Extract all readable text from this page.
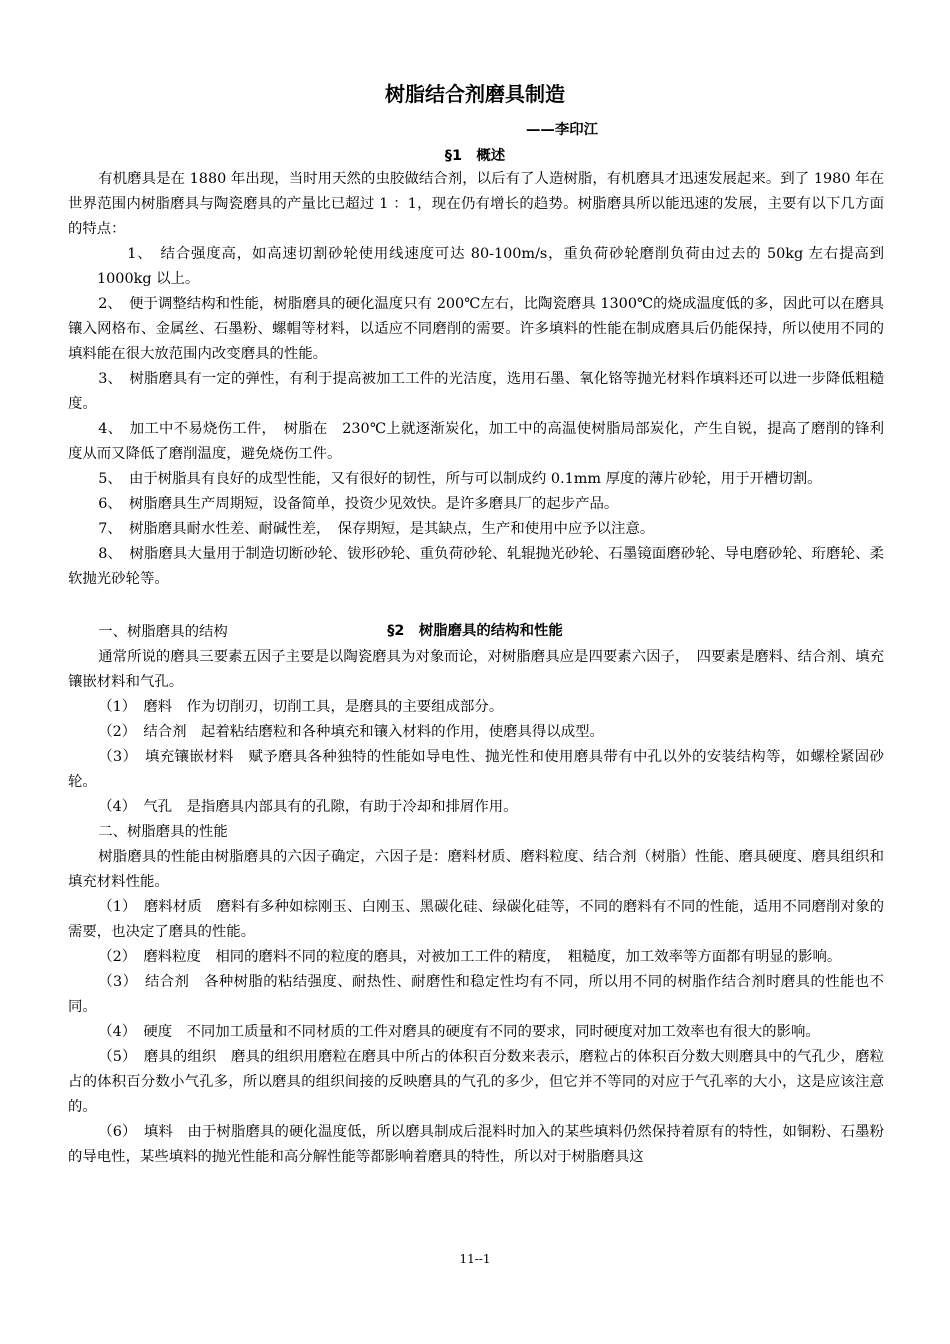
树脂结合剂磨具制造
——李印江
§1　概述

有机磨具是在 1880 年出现，当时用天然的虫胶做结合剂，以后有了人造树脂，有机磨具才迅速发展起来。到了 1980 年在世界范围内树脂磨具与陶瓷磨具的产量比已超过 1 ：1，现在仍有增长的趋势。树脂磨具所以能迅速的发展，主要有以下几方面的特点：

1、　结合强度高，如高速切割砂轮使用线速度可达 80-100m/s，重负荷砂轮磨削负荷由过去的 50kg 左右提高到 1000kg 以上。

2、　便于调整结构和性能，树脂磨具的硬化温度只有 200℃左右，比陶瓷磨具 1300℃的烧成温度低的多，因此可以在磨具镶入网格布、金属丝、石墨粉、螺帽等材料，以适应不同磨削的需要。许多填料的性能在制成磨具后仍能保持，所以使用不同的填料能在很大放范围内改变磨具的性能。

3、　树脂磨具有一定的弹性，有利于提高被加工工件的光洁度，选用石墨、氧化铬等抛光材料作填料还可以进一步降低粗糙度。

4、　加工中不易烧伤工件，　树脂在　230℃上就逐渐炭化，加工中的高温使树脂局部炭化，产生自锐，提高了磨削的锋利度从而又降低了磨削温度，避免烧伤工件。

5、　由于树脂具有良好的成型性能，又有很好的韧性，所与可以制成约 0.1mm 厚度的薄片砂轮，用于开槽切割。

6、　树脂磨具生产周期短，设备简单，投资少见效快。是许多磨具厂的起步产品。

7、　树脂磨具耐水性差、耐碱性差，　保存期短，是其缺点，生产和使用中应予以注意。

8、　树脂磨具大量用于制造切断砂轮、钹形砂轮、重负荷砂轮、轧辊抛光砂轮、石墨镜面磨砂轮、导电磨砂轮、珩磨轮、柔软抛光砂轮等。

一、树脂磨具的结构

通常所说的磨具三要素五因子主要是以陶瓷磨具为对象而论，对树脂磨具应是四要素六因子，　四要素是磨料、结合剂、填充镶嵌材料和气孔。

（1）　磨料　作为切削刃，切削工具，是磨具的主要组成部分。

（2）　结合剂　起着粘结磨粒和各种填充和镶入材料的作用，使磨具得以成型。

（3）　填充镶嵌材料　赋予磨具各种独特的性能如导电性、抛光性和使用磨具带有中孔以外的安装结构等，如螺栓紧固砂轮。

（4）　气孔　是指磨具内部具有的孔隙，有助于冷却和排屑作用。

二、树脂磨具的性能

树脂磨具的性能由树脂磨具的六因子确定，六因子是：磨料材质、磨料粒度、结合剂（树脂）性能、磨具硬度、磨具组织和填充材料性能。

（1）　磨料材质　磨料有多种如棕刚玉、白刚玉、黑碳化硅、绿碳化硅等，不同的磨料有不同的性能，适用不同磨削对象的需要，也决定了磨具的性能。

（2）　磨料粒度　相同的磨料不同的粒度的磨具，对被加工工件的精度，　粗糙度，加工效率等方面都有明显的影响。

（3）　结合剂　各种树脂的粘结强度、耐热性、耐磨性和稳定性均有不同，所以用不同的树脂作结合剂时磨具的性能也不同。

（4）　硬度　不同加工质量和不同材质的工件对磨具的硬度有不同的要求，同时硬度对加工效率也有很大的影响。

（5）　磨具的组织　磨具的组织用磨粒在磨具中所占的体积百分数来表示，磨粒占的体积百分数大则磨具中的气孔少，磨粒占的体积百分数小气孔多，所以磨具的组织间接的反映磨具的气孔的多少，但它并不等同的对应于气孔率的大小，这是应该注意的。

（6）　填料　由于树脂磨具的硬化温度低，所以磨具制成后混料时加入的某些填料仍然保持着原有的特性，如铜粉、石墨粉的导电性，某些填料的抛光性能和高分解性能等都影响着磨具的特性，所以对于树脂磨具这

§2　树脂磨具的结构和性能
11--1
